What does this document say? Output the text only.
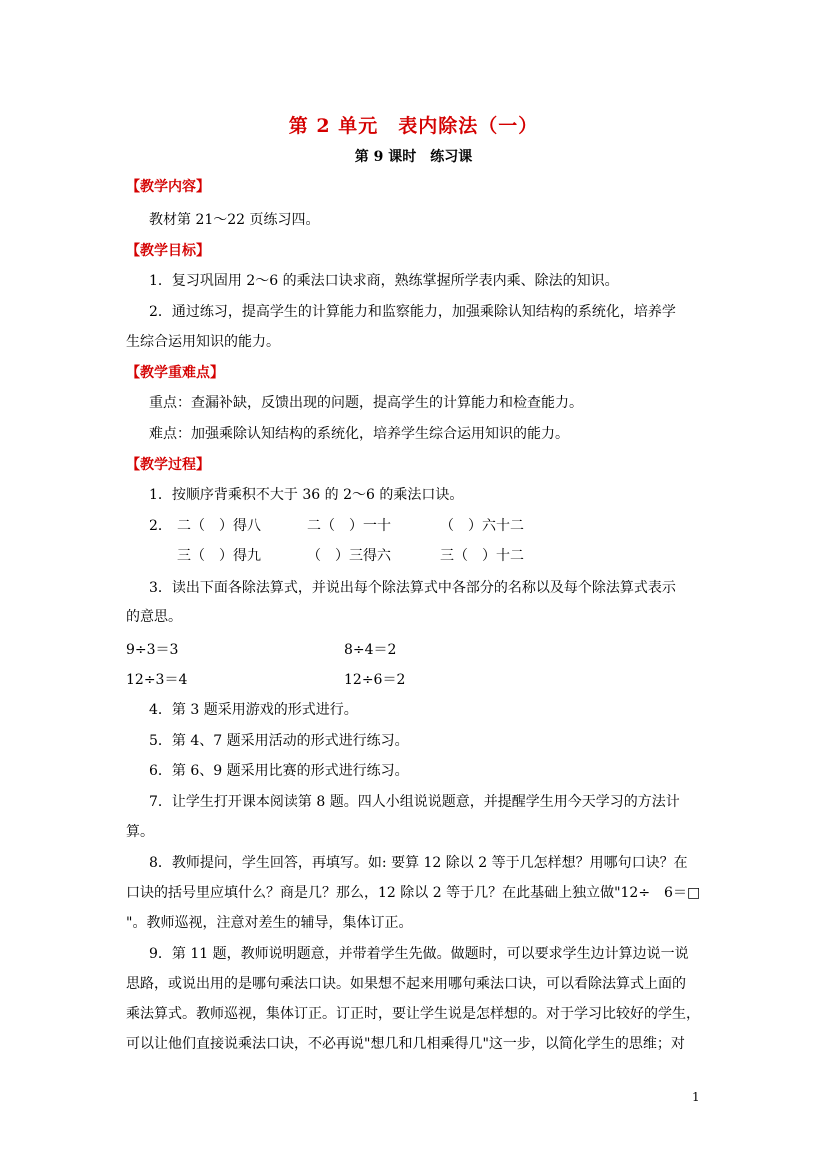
第 2 单元　表内除法（一）
第 9 课时　练习课
【教学内容】
教材第 21～22 页练习四。
【教学目标】
1．复习巩固用 2～6 的乘法口诀求商，熟练掌握所学表内乘、除法的知识。
2．通过练习，提高学生的计算能力和监察能力，加强乘除认知结构的系统化，培养学
生综合运用知识的能力。
【教学重难点】
重点：查漏补缺，反馈出现的问题，提高学生的计算能力和检查能力。
难点：加强乘除认知结构的系统化，培养学生综合运用知识的能力。
【教学过程】
1．按顺序背乘积不大于 36 的 2～6 的乘法口诀。
2． 二（　）得八	二（　）一十	（　）六十二
三（　）得九	（　）三得六	三（　）十二
3．读出下面各除法算式，并说出每个除法算式中各部分的名称以及每个除法算式表示
的意思。
9÷3＝3	8÷4＝2
12÷3＝4	12÷6＝2
4．第 3 题采用游戏的形式进行。
5．第 4、7 题采用活动的形式进行练习。
6．第 6、9 题采用比赛的形式进行练习。
7．让学生打开课本阅读第 8 题。四人小组说说题意，并提醒学生用今天学习的方法计
算。
8．教师提问，学生回答，再填写。如: 要算 12 除以 2 等于几怎样想？用哪句口诀？在
口诀的括号里应填什么？商是几？那么，12 除以 2 等于几？在此基础上独立做"12÷　6＝□
"。教师巡视，注意对差生的辅导，集体订正。
9．第 11 题，教师说明题意，并带着学生先做。做题时，可以要求学生边计算边说一说
思路，或说出用的是哪句乘法口诀。如果想不起来用哪句乘法口诀，可以看除法算式上面的
乘法算式。教师巡视，集体订正。订正时，要让学生说是怎样想的。对于学习比较好的学生，
可以让他们直接说乘法口诀，不必再说"想几和几相乘得几"这一步，以简化学生的思维；对
1
